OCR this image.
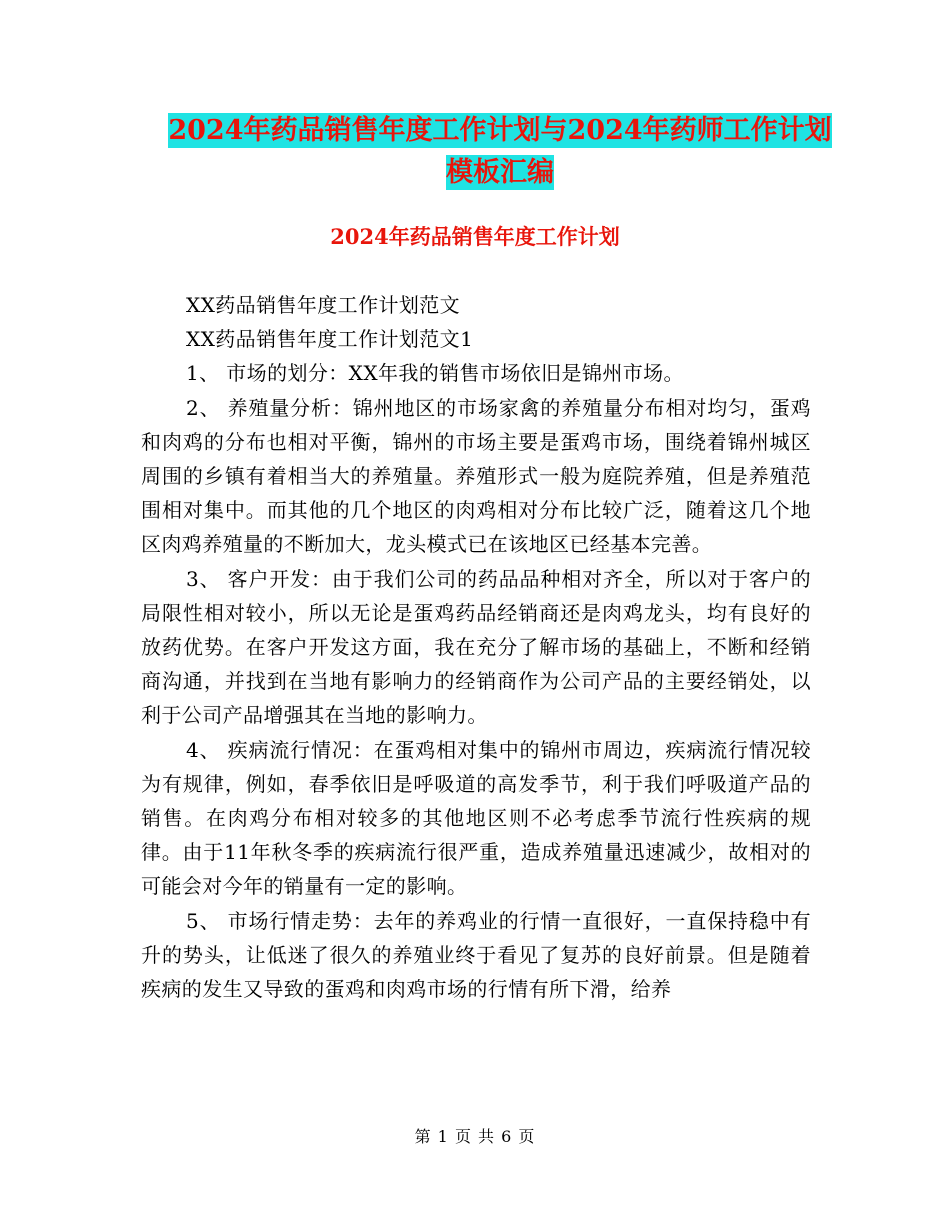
2024年药品销售年度工作计划与2024年药师工作计划
模板汇编
2024年药品销售年度工作计划

XX药品销售年度工作计划范文

XX药品销售年度工作计划范文1

1、 市场的划分：XX年我的销售市场依旧是锦州市场。

2、 养殖量分析：锦州地区的市场家禽的养殖量分布相对均匀，蛋鸡和肉鸡的分布也相对平衡，锦州的市场主要是蛋鸡市场，围绕着锦州城区周围的乡镇有着相当大的养殖量。养殖形式一般为庭院养殖，但是养殖范围相对集中。而其他的几个地区的肉鸡相对分布比较广泛，随着这几个地区肉鸡养殖量的不断加大，龙头模式已在该地区已经基本完善。

3、 客户开发：由于我们公司的药品品种相对齐全，所以对于客户的局限性相对较小，所以无论是蛋鸡药品经销商还是肉鸡龙头，均有良好的放药优势。在客户开发这方面，我在充分了解市场的基础上，不断和经销商沟通，并找到在当地有影响力的经销商作为公司产品的主要经销处，以利于公司产品增强其在当地的影响力。

4、 疾病流行情况：在蛋鸡相对集中的锦州市周边，疾病流行情况较为有规律，例如，春季依旧是呼吸道的高发季节，利于我们呼吸道产品的销售。在肉鸡分布相对较多的其他地区则不必考虑季节流行性疾病的规律。由于11年秋冬季的疾病流行很严重，造成养殖量迅速减少，故相对的可能会对今年的销量有一定的影响。

5、 市场行情走势：去年的养鸡业的行情一直很好，一直保持稳中有升的势头，让低迷了很久的养殖业终于看见了复苏的良好前景。但是随着疾病的发生又导致的蛋鸡和肉鸡市场的行情有所下滑，给养

第 1 页 共 6 页
